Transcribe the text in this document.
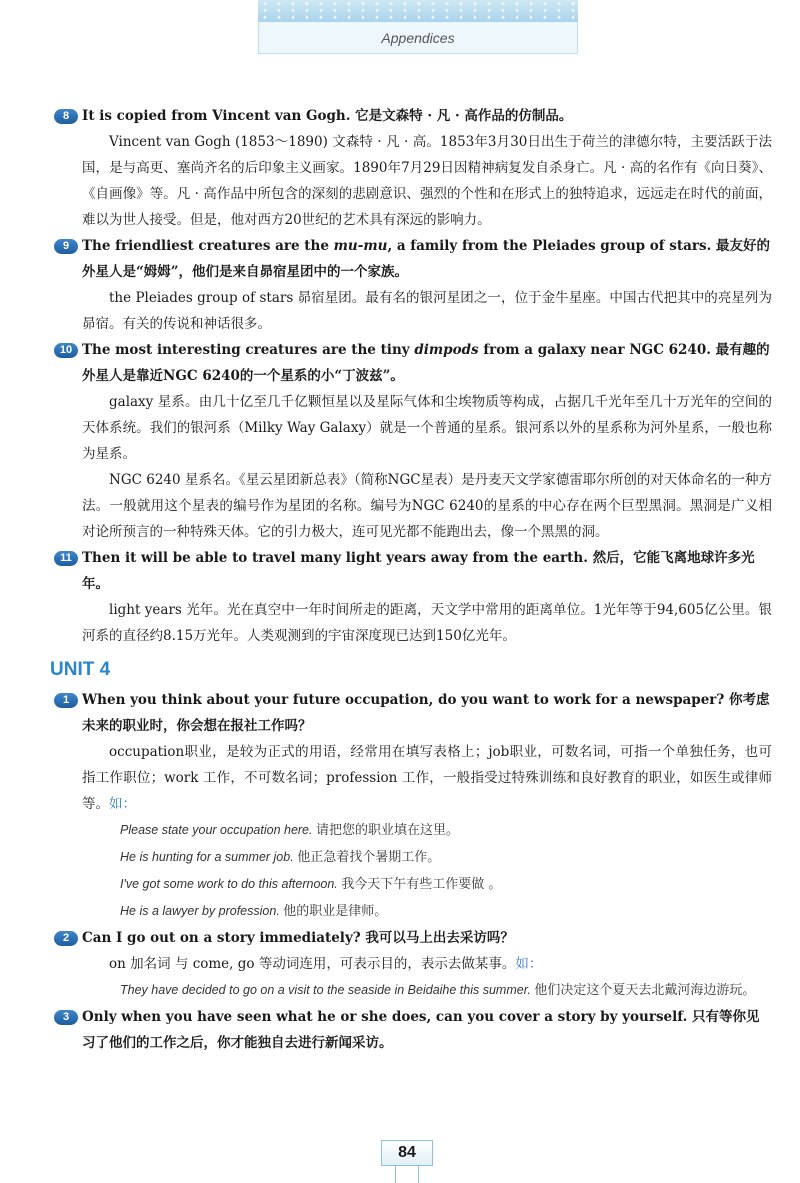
Appendices
8 It is copied from Vincent van Gogh. 它是文森特 · 凡 · 高作品的仿制品。
Vincent van Gogh (1853～1890) 文森特 · 凡 · 高。1853年3月30日出生于荷兰的津德尔特，主要活跃于法国，是与高更、塞尚齐名的后印象主义画家。1890年7月29日因精神病复发自杀身亡。凡 · 高的名作有《向日葵》、《自画像》等。凡 · 高作品中所包含的深刻的悲剧意识、强烈的个性和在形式上的独特追求，远远走在时代的前面，难以为世人接受。但是，他对西方20世纪的艺术具有深远的影响力。
9 The friendliest creatures are the mu-mu, a family from the Pleiades group of stars. 最友好的外星人是“姆姆”，他们是来自昴宿星团中的一个家族。
the Pleiades group of stars 昴宿星团。最有名的银河星团之一，位于金牛星座。中国古代把其中的亮星列为昴宿。有关的传说和神话很多。
10 The most interesting creatures are the tiny dimpods from a galaxy near NGC 6240. 最有趣的外星人是靠近NGC 6240的一个星系的小“丁波兹”。
galaxy 星系。由几十亿至几千亿颗恒星以及星际气体和尘埃物质等构成，占据几千光年至几十万光年的空间的天体系统。我们的银河系（Milky Way Galaxy）就是一个普通的星系。银河系以外的星系称为河外星系，一般也称为星系。
NGC 6240 星系名。《星云星团新总表》（简称NGC星表）是丹麦天文学家德雷耶尔所创的对天体命名的一种方法。一般就用这个星表的编号作为星团的名称。编号为NGC 6240的星系的中心存在两个巨型黑洞。黑洞是广义相对论所预言的一种特殊天体。它的引力极大，连可见光都不能跑出去，像一个黑黑的洞。
11 Then it will be able to travel many light years away from the earth. 然后，它能飞离地球许多光年。
light years 光年。光在真空中一年时间所走的距离，天文学中常用的距离单位。1光年等于94,605亿公里。银河系的直径约8.15万光年。人类观测到的宇宙深度现已达到150亿光年。
UNIT 4
1 When you think about your future occupation, do you want to work for a newspaper? 你考虑未来的职业时，你会想在报社工作吗？
occupation职业，是较为正式的用语，经常用在填写表格上；job职业，可数名词，可指一个单独任务，也可指工作职位；work 工作，不可数名词；profession 工作，一般指受过特殊训练和良好教育的职业，如医生或律师等。如：
Please state your occupation here. 请把您的职业填在这里。
He is hunting for a summer job. 他正急着找个暑期工作。
I've got some work to do this afternoon. 我今天下午有些工作要做 。
He is a lawyer by profession. 他的职业是律师。
2 Can I go out on a story immediately? 我可以马上出去采访吗？
on 加名词 与 come, go 等动词连用，可表示目的，表示去做某事。如：
They have decided to go on a visit to the seaside in Beidaihe this summer. 他们决定这个夏天去北戴河海边游玩。
3 Only when you have seen what he or she does, can you cover a story by yourself. 只有等你见习了他们的工作之后，你才能独自去进行新闻采访。
84
